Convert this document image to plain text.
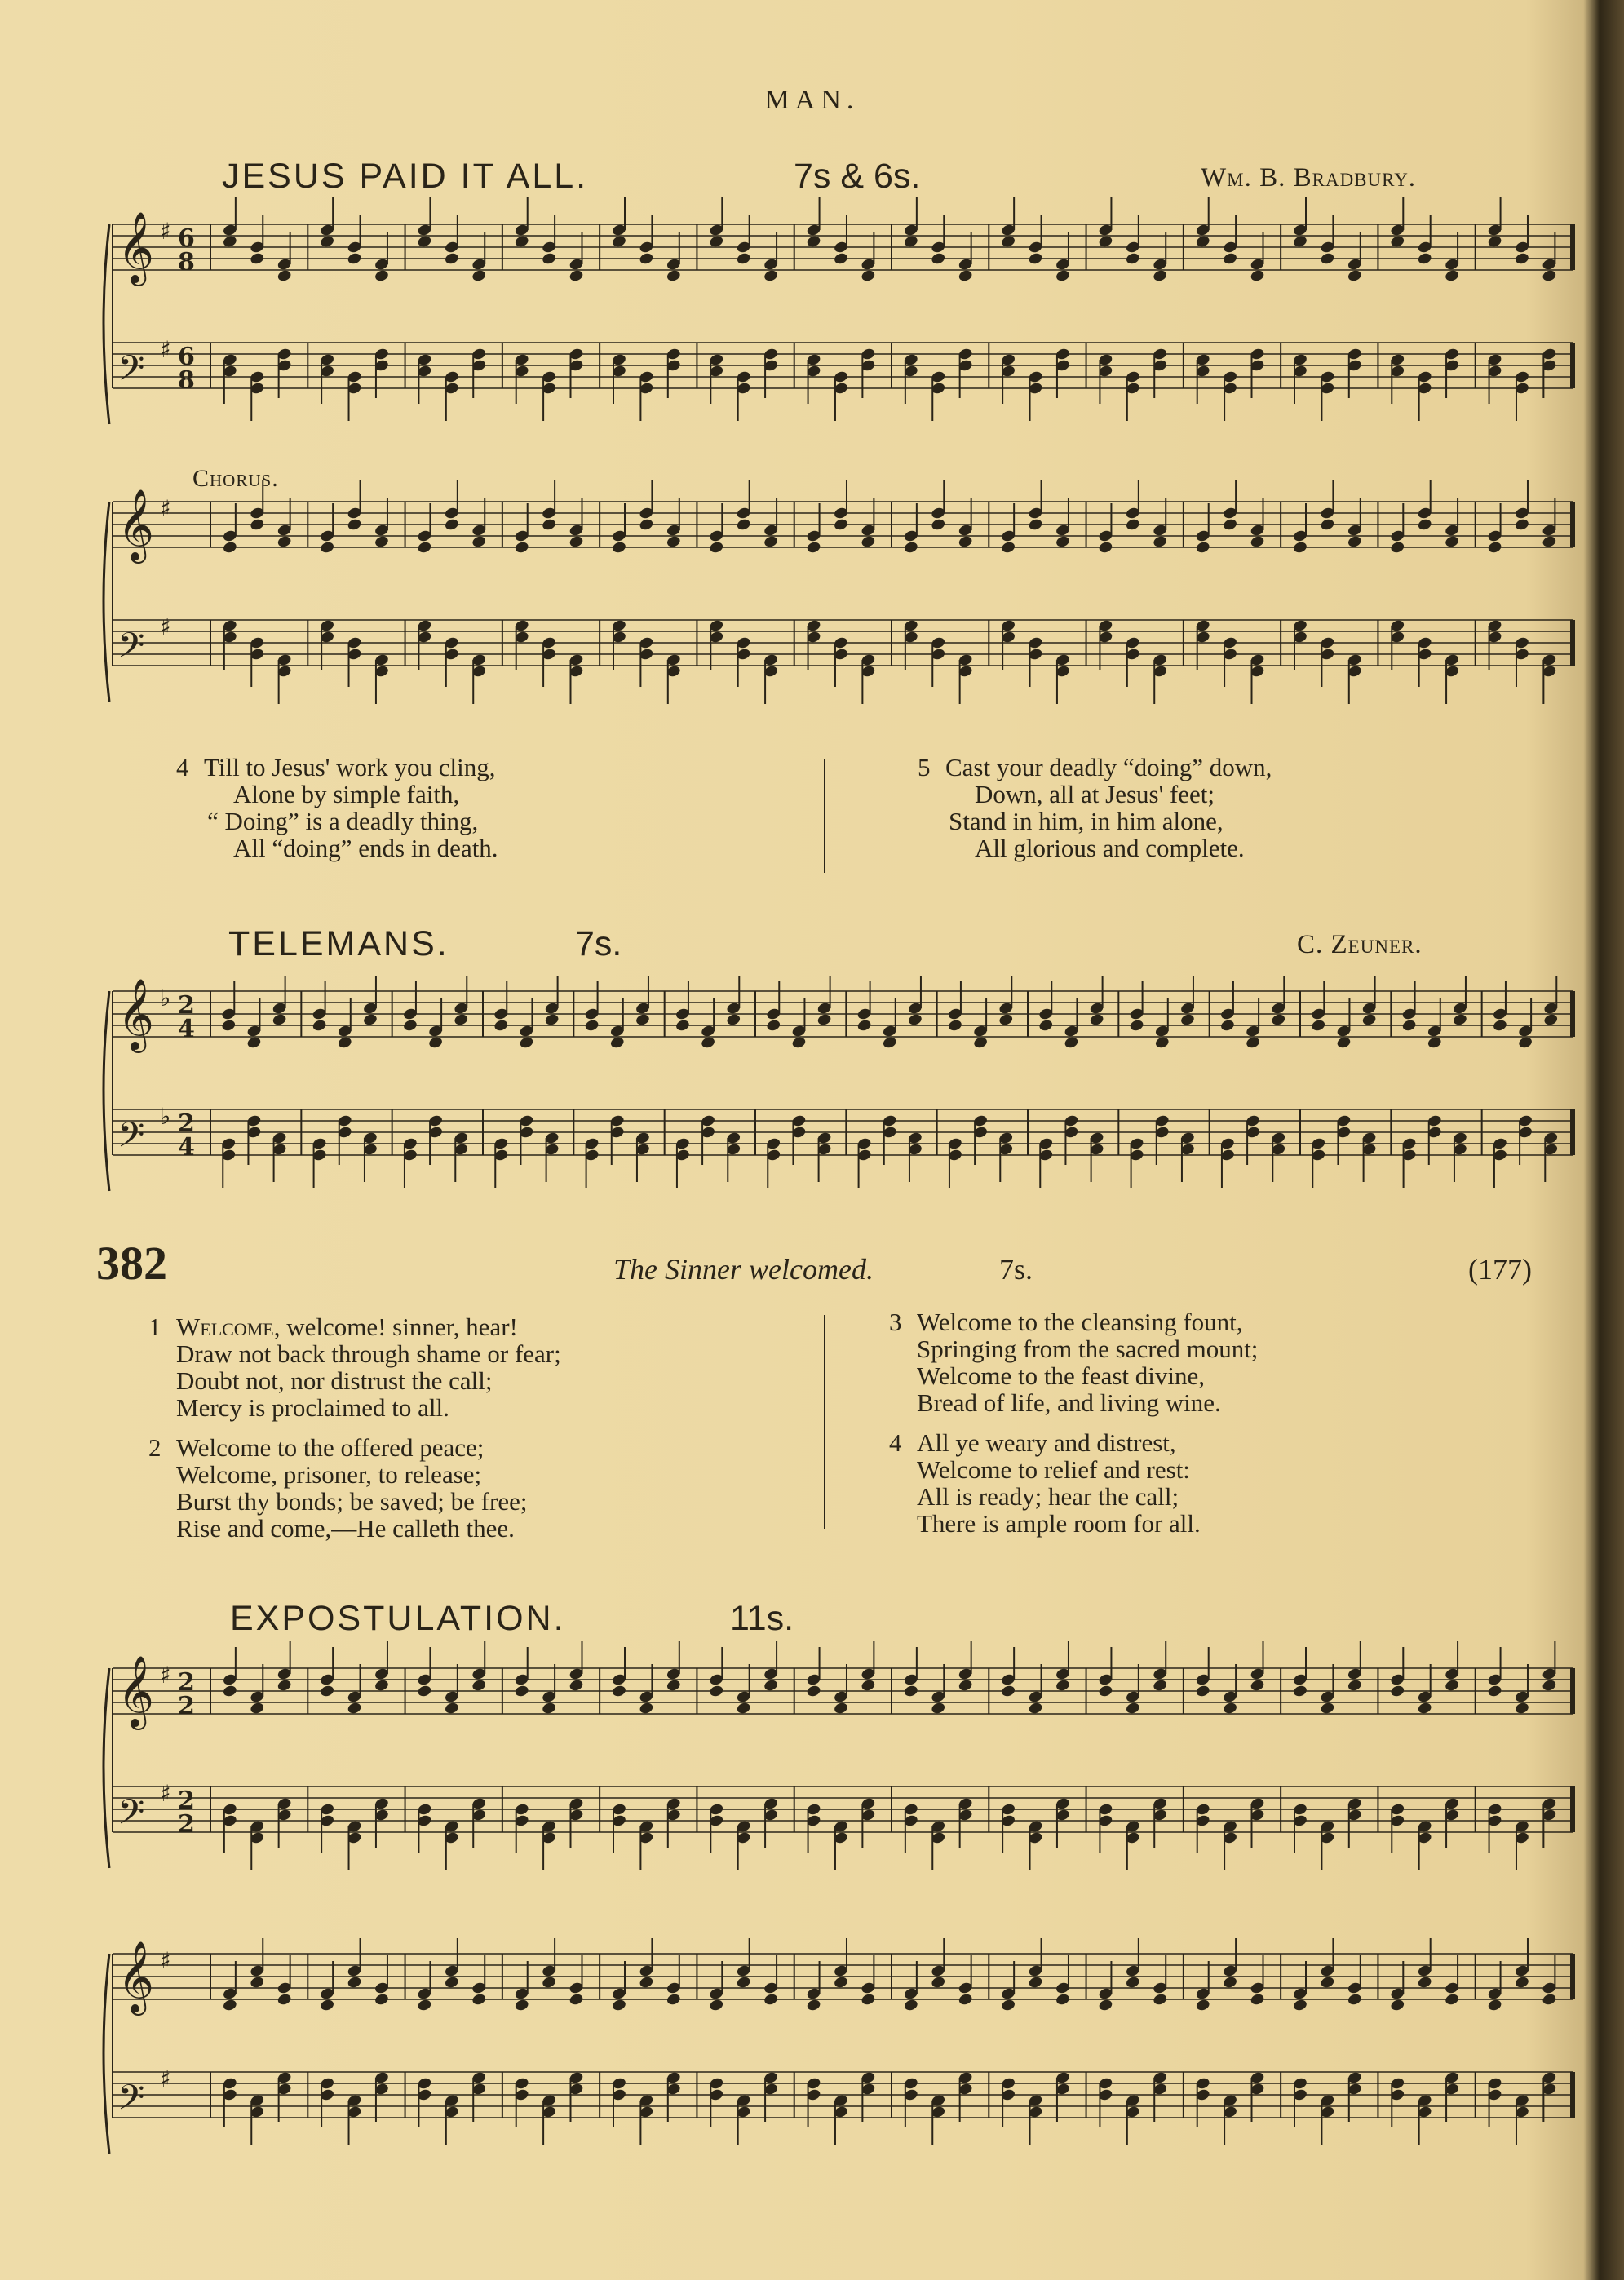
MAN.
JESUS PAID IT ALL.	7s & 6s.	Wm. B. Bradbury.
𝄞 ♯ 6
8
𝄢 ♯ 6
8
Chorus.
𝄞 ♯
𝄢 ♯
4 Till to Jesus' work you cling,
Alone by simple faith,
“ Doing” is a deadly thing,
All “doing” ends in death.
5 Cast your deadly “doing” down,
Down, all at Jesus' feet;
Stand in him, in him alone,
All glorious and complete.
TELEMANS.	7s.	C. Zeuner.
𝄞 ♭ 2
4
𝄢 ♭ 2
4
382	The Sinner welcomed.	7s.	(177)
1 Welcome, welcome! sinner, hear!
Draw not back through shame or fear;
Doubt not, nor distrust the call;
Mercy is proclaimed to all.
2 Welcome to the offered peace;
Welcome, prisoner, to release;
Burst thy bonds; be saved; be free;
Rise and come,—He calleth thee.
3 Welcome to the cleansing fount,
Springing from the sacred mount;
Welcome to the feast divine,
Bread of life, and living wine.
4 All ye weary and distrest,
Welcome to relief and rest:
All is ready; hear the call;
There is ample room for all.
EXPOSTULATION.	11s.
𝄞 ♯ 2
2
𝄢 ♯ 2
2
𝄞 ♯
𝄢 ♯
